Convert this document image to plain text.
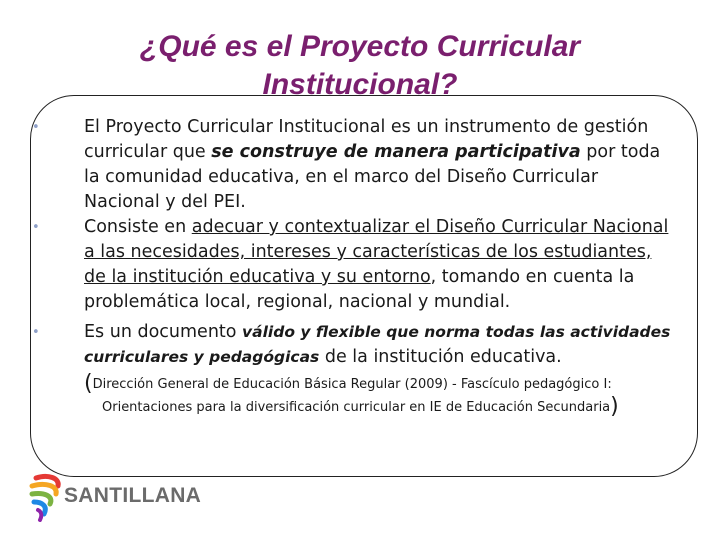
¿Qué es el Proyecto Curricular
Institucional?
•	El Proyecto Curricular Institucional es un instrumento de gestión curricular que se construye de manera participativa por toda la comunidad educativa, en el marco del Diseño Curricular Nacional y del PEI.
•	Consiste en adecuar y contextualizar el Diseño Curricular Nacional a las necesidades, intereses y características de los estudiantes, de la institución educativa y su entorno, tomando en cuenta la problemática local, regional, nacional y mundial.
•	Es un documento válido y flexible que norma todas las actividades curriculares y pedagógicas de la institución educativa.
(Dirección General de Educación Básica Regular (2009) - Fascículo pedagógico I:
Orientaciones para la diversificación curricular en IE de Educación Secundaria)
SANTILLANA
